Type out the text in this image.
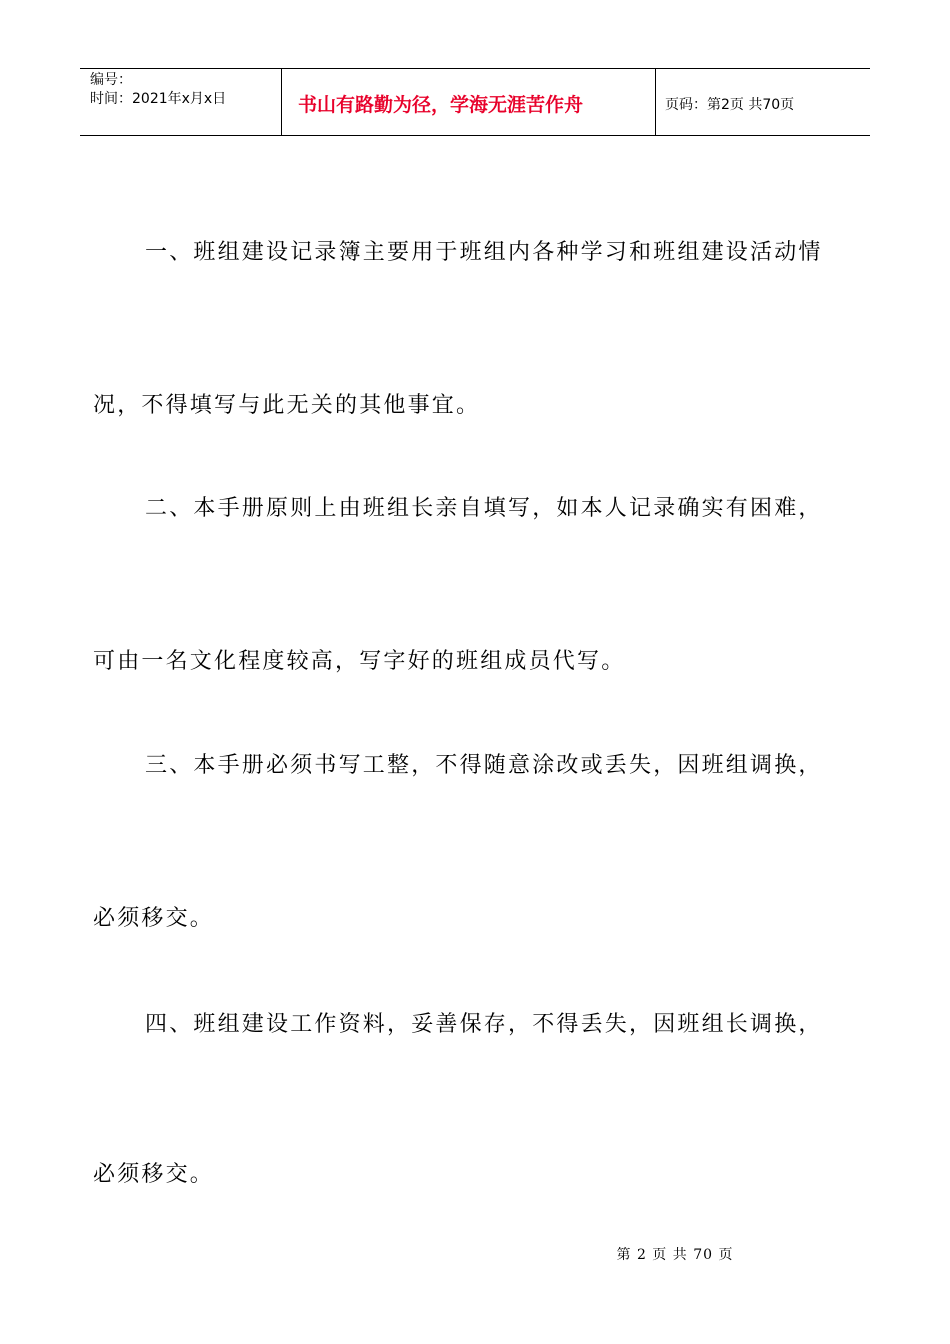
编号：
时间：2021年x月x日	书山有路勤为径，学海无涯苦作舟	页码：第2页 共70页
一、班组建设记录簿主要用于班组内各种学习和班组建设活动情
况，不得填写与此无关的其他事宜。
二、本手册原则上由班组长亲自填写，如本人记录确实有困难，
可由一名文化程度较高，写字好的班组成员代写。
三、本手册必须书写工整，不得随意涂改或丢失，因班组调换，
必须移交。
四、班组建设工作资料，妥善保存，不得丢失，因班组长调换，
必须移交。
第 2 页 共 70 页
